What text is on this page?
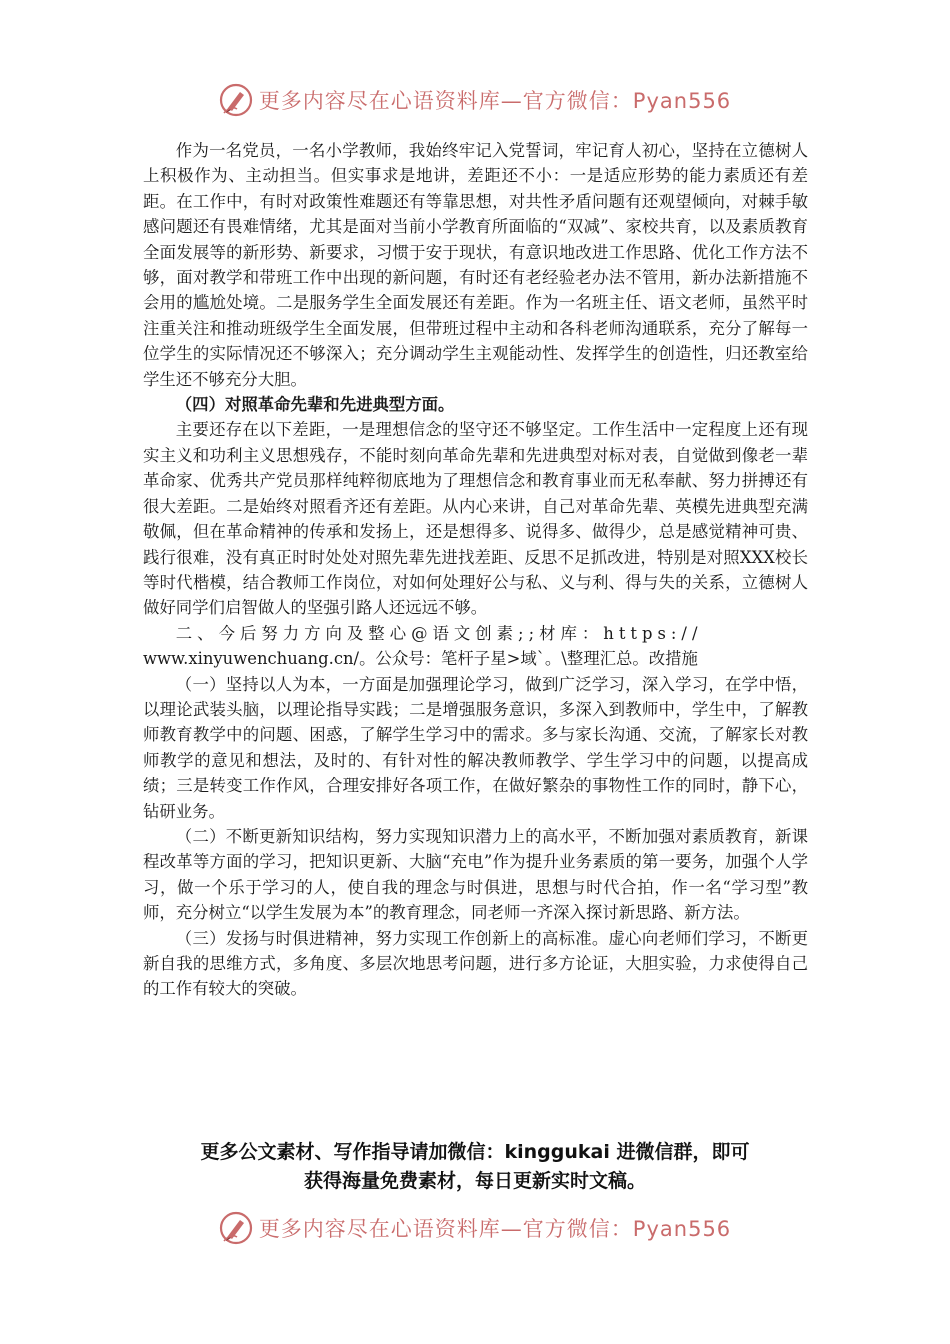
更多内容尽在心语资料库—官方微信：Pyan556

作为一名党员，一名小学教师，我始终牢记入党誓词，牢记育人初心，坚持在立德树人上积极作为、主动担当。但实事求是地讲，差距还不小：一是适应形势的能力素质还有差距。在工作中，有时对政策性难题还有等靠思想，对共性矛盾问题有还观望倾向，对棘手敏感问题还有畏难情绪，尤其是面对当前小学教育所面临的“双减”、家校共育，以及素质教育全面发展等的新形势、新要求，习惯于安于现状，有意识地改进工作思路、优化工作方法不够，面对教学和带班工作中出现的新问题，有时还有老经验老办法不管用，新办法新措施不会用的尴尬处境。二是服务学生全面发展还有差距。作为一名班主任、语文老师，虽然平时注重关注和推动班级学生全面发展，但带班过程中主动和各科老师沟通联系，充分了解每一位学生的实际情况还不够深入；充分调动学生主观能动性、发挥学生的创造性，归还教室给学生还不够充分大胆。

（四）对照革命先辈和先进典型方面。

主要还存在以下差距，一是理想信念的坚守还不够坚定。工作生活中一定程度上还有现实主义和功利主义思想残存，不能时刻向革命先辈和先进典型对标对表，自觉做到像老一辈革命家、优秀共产党员那样纯粹彻底地为了理想信念和教育事业而无私奉献、努力拼搏还有很大差距。二是始终对照看齐还有差距。从内心来讲，自己对革命先辈、英模先进典型充满敬佩，但在革命精神的传承和发扬上，还是想得多、说得多、做得少，总是感觉精神可贵、践行很难，没有真正时时处处对照先辈先进找差距、反思不足抓改进，特别是对照XXX校长等时代楷模，结合教师工作岗位，对如何处理好公与私、义与利、得与失的关系，立德树人做好同学们启智做人的坚强引路人还远远不够。

二、今后努力方向及整心@语文创素;;材库：https://

www.xinyuwenchuang.cn/。公众号：笔杆子星>域`。\整理汇总。改措施

（一）坚持以人为本，一方面是加强理论学习，做到广泛学习，深入学习，在学中悟，以理论武装头脑，以理论指导实践；二是增强服务意识，多深入到教师中，学生中，了解教师教育教学中的问题、困惑，了解学生学习中的需求。多与家长沟通、交流，了解家长对教师教学的意见和想法，及时的、有针对性的解决教师教学、学生学习中的问题，以提高成绩；三是转变工作作风，合理安排好各项工作，在做好繁杂的事物性工作的同时，静下心，钻研业务。

（二）不断更新知识结构，努力实现知识潜力上的高水平，不断加强对素质教育，新课程改革等方面的学习，把知识更新、大脑“充电”作为提升业务素质的第一要务，加强个人学习，做一个乐于学习的人，使自我的理念与时俱进，思想与时代合拍，作一名“学习型”教师，充分树立“以学生发展为本”的教育理念，同老师一齐深入探讨新思路、新方法。

（三）发扬与时俱进精神，努力实现工作创新上的高标准。虚心向老师们学习，不断更新自我的思维方式，多角度、多层次地思考问题，进行多方论证，大胆实验，力求使得自己的工作有较大的突破。

更多公文素材、写作指导请加微信：kinggukai 进微信群，即可
获得海量免费素材，每日更新实时文稿。
更多内容尽在心语资料库—官方微信：Pyan556
